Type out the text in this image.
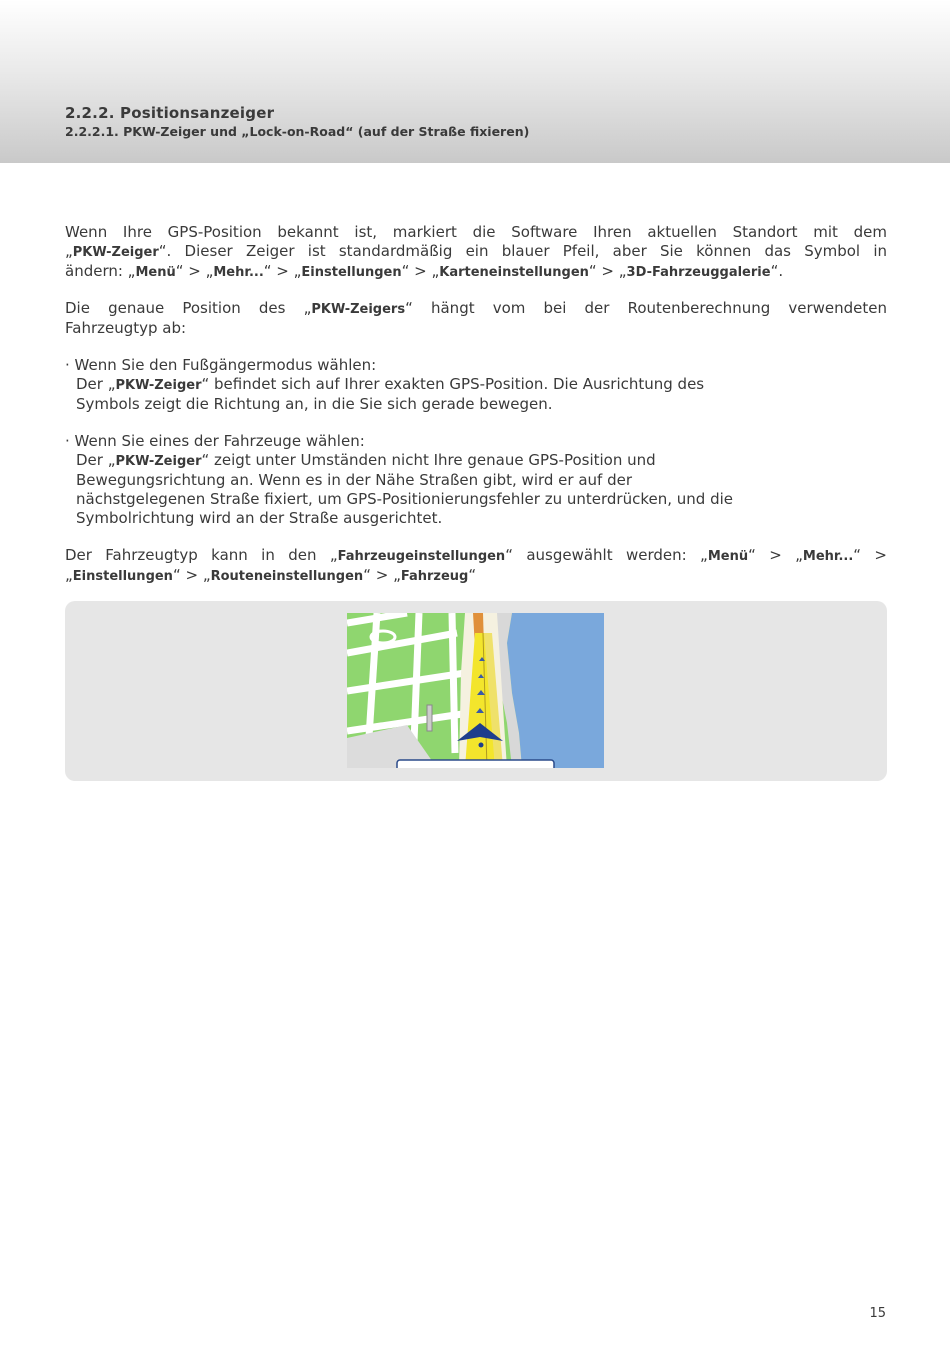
2.2.2. Positionsanzeiger
2.2.2.1. PKW-Zeiger und „Lock-on-Road“ (auf der Straße fixieren)
Wenn Ihre GPS-Position bekannt ist, markiert die Software Ihren aktuellen Standort mit dem
„PKW-Zeiger“. Dieser Zeiger ist standardmäßig ein blauer Pfeil, aber Sie können das Symbol in
ändern: „Menü“ > „Mehr...“ > „Einstellungen“ > „Karteneinstellungen“ > „3D-Fahrzeuggalerie“.
Die genaue Position des „PKW-Zeigers“ hängt vom bei der Routenberechnung verwendeten
Fahrzeugtyp ab:
· Wenn Sie den Fußgängermodus wählen:
Der „PKW-Zeiger“ befindet sich auf Ihrer exakten GPS-Position. Die Ausrichtung des
Symbols zeigt die Richtung an, in die Sie sich gerade bewegen.
· Wenn Sie eines der Fahrzeuge wählen:
Der „PKW-Zeiger“ zeigt unter Umständen nicht Ihre genaue GPS-Position und
Bewegungsrichtung an. Wenn es in der Nähe Straßen gibt, wird er auf der
nächstgelegenen Straße fixiert, um GPS-Positionierungsfehler zu unterdrücken, und die
Symbolrichtung wird an der Straße ausgerichtet.
Der Fahrzeugtyp kann in den „Fahrzeugeinstellungen“ ausgewählt werden: „Menü“ > „Mehr...“ >
„Einstellungen“ > „Routeneinstellungen“ > „Fahrzeug“
15
